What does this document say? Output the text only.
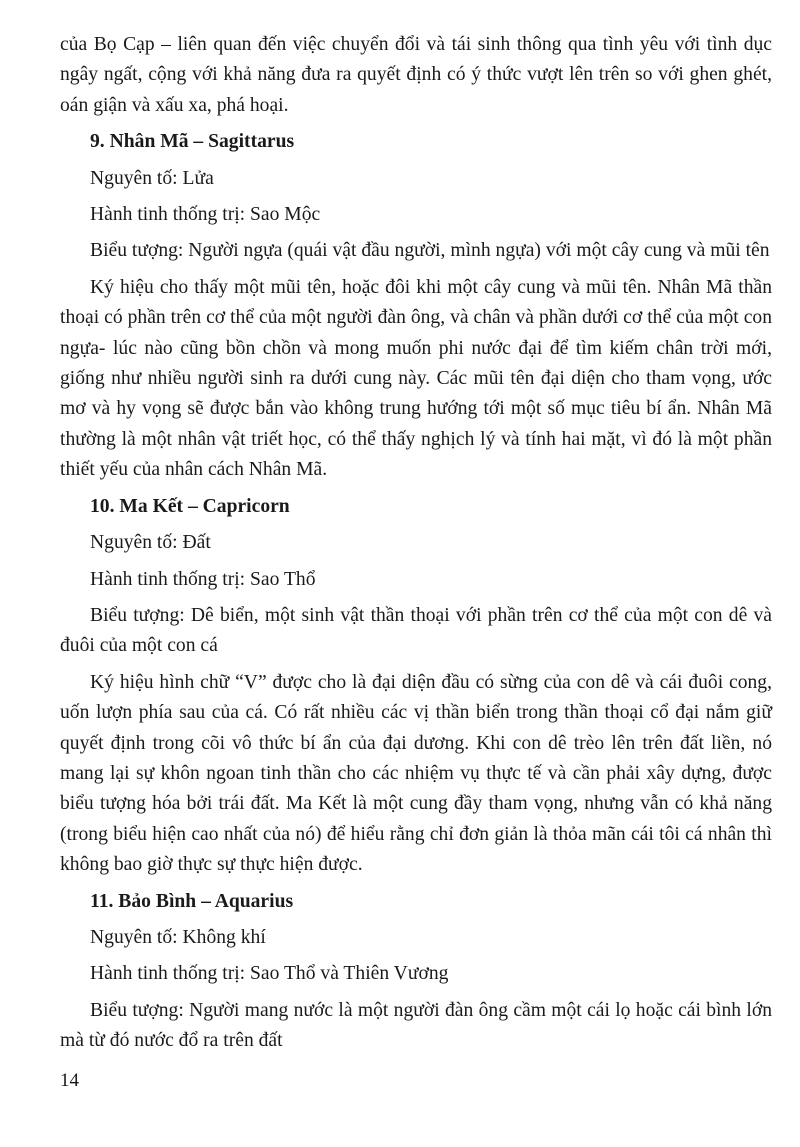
của Bọ Cạp – liên quan đến việc chuyển đổi và tái sinh thông qua tình yêu với tình dục ngây ngất, cộng với khả năng đưa ra quyết định có ý thức vượt lên trên so với ghen ghét, oán giận và xấu xa, phá hoại.

9. Nhân Mã – Sagittarus

Nguyên tố: Lửa

Hành tinh thống trị: Sao Mộc

Biểu tượng: Người ngựa (quái vật đầu người, mình ngựa) với một cây cung và mũi tên

Ký hiệu cho thấy một mũi tên, hoặc đôi khi một cây cung và mũi tên. Nhân Mã thần thoại có phần trên cơ thể của một người đàn ông, và chân và phần dưới cơ thể của một con ngựa- lúc nào cũng bồn chồn và mong muốn phi nước đại để tìm kiếm chân trời mới, giống như nhiều người sinh ra dưới cung này. Các mũi tên đại diện cho tham vọng, ước mơ và hy vọng sẽ được bắn vào không trung hướng tới một số mục tiêu bí ẩn. Nhân Mã thường là một nhân vật triết học, có thể thấy nghịch lý và tính hai mặt, vì đó là một phần thiết yếu của nhân cách Nhân Mã.

10. Ma Kết – Capricorn

Nguyên tố: Đất

Hành tinh thống trị: Sao Thổ

Biểu tượng: Dê biển, một sinh vật thần thoại với phần trên cơ thể của một con dê và đuôi của một con cá

Ký hiệu hình chữ “V” được cho là đại diện đầu có sừng của con dê và cái đuôi cong, uốn lượn phía sau của cá. Có rất nhiều các vị thần biển trong thần thoại cổ đại nắm giữ quyết định trong cõi vô thức bí ẩn của đại dương. Khi con dê trèo lên trên đất liền, nó mang lại sự khôn ngoan tinh thần cho các nhiệm vụ thực tế và cần phải xây dựng, được biểu tượng hóa bởi trái đất. Ma Kết là một cung đầy tham vọng, nhưng vẫn có khả năng (trong biểu hiện cao nhất của nó) để hiểu rằng chỉ đơn giản là thỏa mãn cái tôi cá nhân thì không bao giờ thực sự thực hiện được.

11. Bảo Bình – Aquarius

Nguyên tố: Không khí

Hành tinh thống trị: Sao Thổ và Thiên Vương

Biểu tượng: Người mang nước là một người đàn ông cầm một cái lọ hoặc cái bình lớn mà từ đó nước đổ ra trên đất

14
